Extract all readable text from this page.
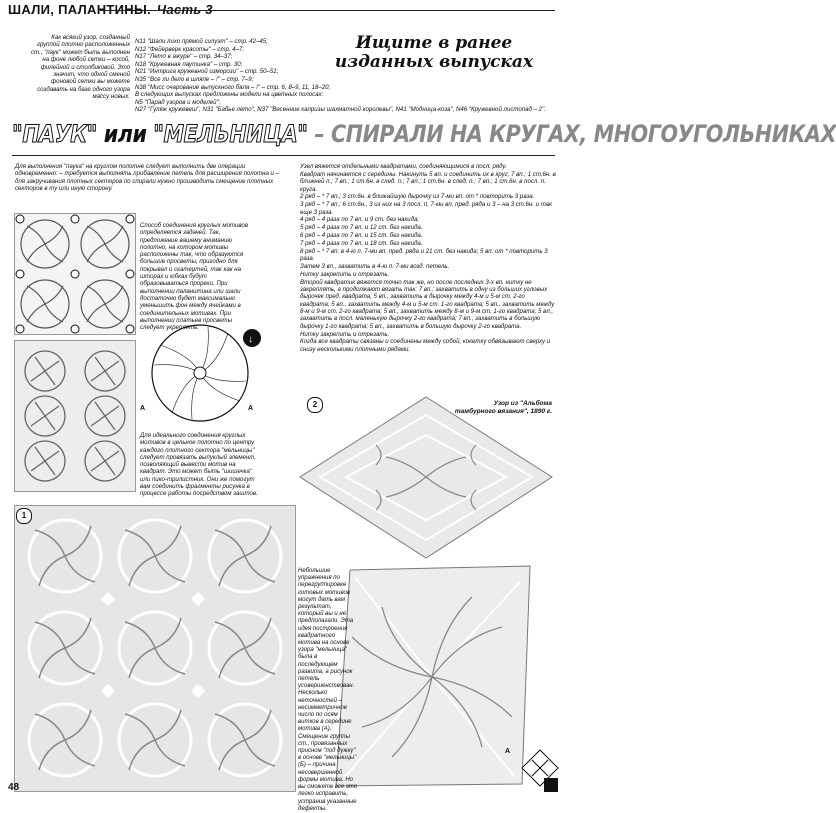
ШАЛИ, ПАЛАНТИНЫ. Часть 3
Как всякий узор, созданный группой плотно расположенных ст., "паук" может быть выполнен на фоне любой сетки – косой, филейной и столбиковой. Это значит, что одной сменой фоновой сетки вы можете создавать на базе одного узора массу новых.
N11 "Шали лихо прямой силуэт" – стр. 42–45;
N12 "Фейерверк красоты" – стр. 4–7;
N17 "Лето в ажуре" – стр. 34–37;
N18 "Кружевная паутинка" – стр. 30;
N21 "Интрига кружевной изморози" – стр. 50–51;
N35 "Все ли дело в шляпе – !" – стр. 7–9;
N38 "Мисс очарование выпускного бала – !" – стр. 6, 8–9, 11, 18–20;
В следующих выпусках предложены модели на цветных полосах:
N5 "Парад узоров и моделей";
N27 "Гуляж кружевеш", N31 "Бабье лето", N37 "Весенние капризы шахматной королевы", N41 "Модница-коза", N46 "Кружевной листопад – 2".
Ищите в ранее изданных выпусках
"ПАУК" или "МЕЛЬНИЦА" – СПИРАЛИ НА КРУГАХ, МНОГОУГОЛЬНИКАХ
Для выполнения "паука" на круглом полотне следует выполнить две операции одновременно: – требуется выполнять прибавление петель для расширения полотна и – для закручивания плотных секторов по спирали нужно производить смещение плотных секторов в ту или иную сторону.

Узел вяжется отдельными квадратами, соединяющимися в посл. ряду.

Квадрат начинается с середины. Накинуть 5 вп. и соединить их в круг; 7 вп.; 1 ст.6н. в ближней п.; 7 вп.; 1 ст.6н. в след. п.; 7 вп.; 1 ст.6н. в след. п.; 7 вп.; 1 ст.6н. в посл. п. круга.

2 ряд – * 7 вп.; 3 ст.6н. в ближайшую дырочку из 7-ми вп. от * повторить 3 раза.

3 ряд – * 7 вп.; 6 ст.6н., 3 из них на 3 посл. п. 7-ми вп. пред. ряда и 3 – на 3 ст.6н. и так еще 3 раза.

4 ряд – 4 раза по 7 вп. и 9 ст. без накида.

5 ряд – 4 раза по 7 вп. и 12 ст. без накида.

6 ряд – 4 раза по 7 вп. и 15 ст. без накида.

7 ряд – 4 раза по 7 вп. и 18 ст. без накида.

8 ряд – * 7 вп. в 4-ю п. 7-ми вп. пред. ряда и 21 ст. без накида; 5 вп. от * повторить 3 раза.

Затем 3 вп., захватить в 4-ю п. 7-ми возд. петель.

Нитку закрепить и отрезать.

Второй квадратик вяжется точно так же, но после последних 3-х вп. нитку не закреплять, а продолжают вязать так: 7 вп.; захватить в одну из больших угловых дырочек пред. квадрата; 5 вп., захватить в дырочку между 4-м и 5-м ст. 2-го квадрата; 5 вп., захватить между 4-м и 5-м ст. 1-го квадрата; 5 вп., захватить между 8-м и 9-м ст. 2-го квадрата; 5 вп., захватить между 8-м и 9-м ст. 1-го квадрата; 5 вп., захватить в посл. маленькую дырочку 2-го квадрата; 7 вп., захватить в большую дырочку 1-го квадрата; 5 вп., захватить в большую дырочку 2-го квадрата.

Нитку закрепить и отрезать.

Когда все квадраты связаны и соединены между собой, кокетку обвязывают сверху и снизу несколькими плотными рядами.

↓
А	А
Способ соединения круглых мотивов определяется задачей. Так, предложение вашему вниманию полотно, на котором мотивы расположены так, что образуются большие просветы, пригодно для покрывал и скатертей, так как на шторах и юбках будут образовываться прорехи. При выполнении паланитина или шали достаточно будет максимально уменьшить фон между ячейками в соединительных мотивах. При выполнении платьев просветы следует укреплять.
Для идеального соединения круглых мотивов в цельное полотно по центру каждого плотного сектора "мельницы" следует провязать выпуклый элемент, позволяющий вывести мотив на квадрат. Это может быть "шишечка" или пико-трилистник. Они же помогут вам соединить фрагменты рисунка в процессе работы посредством заштов.
1
2	Узор из "Альбома тамбурного вязания", 1890 г.
Небольшие упражнения по перегруппировке готовых мотивов могут дать вам результат, который вы и не предполагали. Эта идея построения квадратного мотива на основе узора "мельница" была в последующем развита, а рисунок петель усовершенствован. Несколько неточностей – несимметричное число по осям витков в середине мотива (А). Смещение группы ст., провязанных присном "под дужку" в основе "мельницы" (Б) – причина несовершенной формы мотива. Но вы сможете все это легко исправить, устранив указанные дефекты.
А
Б
48
